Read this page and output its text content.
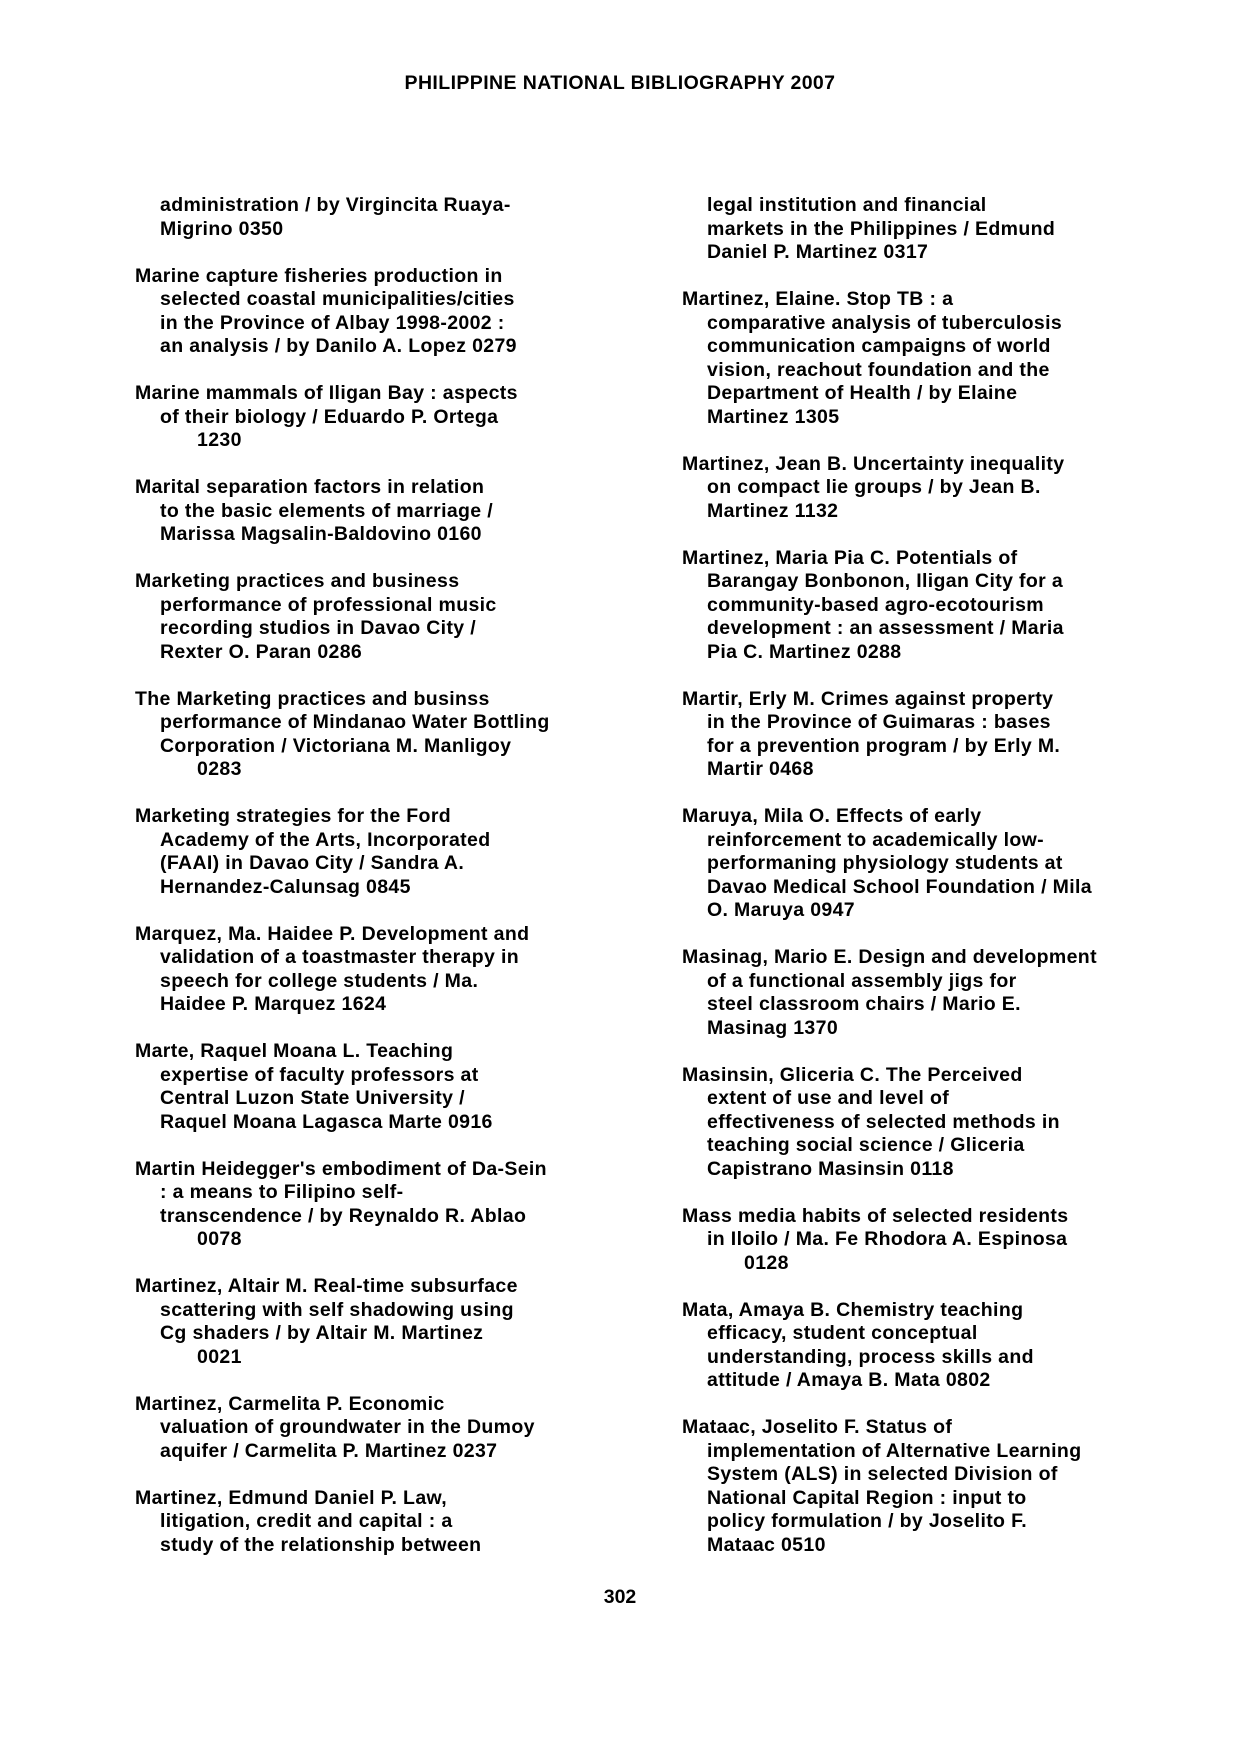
PHILIPPINE NATIONAL BIBLIOGRAPHY 2007
administration / by Virgincita Ruaya-
Migrino 0350
Marine capture fisheries production in
selected coastal municipalities/cities
in the Province of Albay 1998-2002 :
an analysis / by Danilo A. Lopez 0279
Marine mammals of Iligan Bay : aspects
of their biology / Eduardo P. Ortega
1230
Marital separation factors in relation
to the basic elements of marriage /
Marissa Magsalin-Baldovino 0160
Marketing practices and business
performance of professional music
recording studios in Davao City /
Rexter O. Paran 0286
The Marketing practices and businss
performance of Mindanao Water Bottling
Corporation / Victoriana M. Manligoy
0283
Marketing strategies for the Ford
Academy of the Arts, Incorporated
(FAAI) in Davao City / Sandra A.
Hernandez-Calunsag 0845
Marquez, Ma. Haidee P. Development and
validation of a toastmaster therapy in
speech for college students / Ma.
Haidee P. Marquez 1624
Marte, Raquel Moana L. Teaching
expertise of faculty professors at
Central Luzon State University /
Raquel Moana Lagasca Marte 0916
Martin Heidegger's embodiment of Da-Sein
: a means to Filipino self-
transcendence / by Reynaldo R. Ablao
0078
Martinez, Altair M. Real-time subsurface
scattering with self shadowing using
Cg shaders / by Altair M. Martinez
0021
Martinez, Carmelita P. Economic
valuation of groundwater in the Dumoy
aquifer / Carmelita P. Martinez 0237
Martinez, Edmund Daniel P. Law,
litigation, credit and capital : a
study of the relationship between
legal institution and financial
markets in the Philippines / Edmund
Daniel P. Martinez 0317
Martinez, Elaine. Stop TB : a
comparative analysis of tuberculosis
communication campaigns of world
vision, reachout foundation and the
Department of Health / by Elaine
Martinez 1305
Martinez, Jean B. Uncertainty inequality
on compact lie groups / by Jean B.
Martinez 1132
Martinez, Maria Pia C. Potentials of
Barangay Bonbonon, Iligan City for a
community-based agro-ecotourism
development : an assessment / Maria
Pia C. Martinez 0288
Martir, Erly M. Crimes against property
in the Province of Guimaras : bases
for a prevention program / by Erly M.
Martir 0468
Maruya, Mila O. Effects of early
reinforcement to academically low-
performaning physiology students at
Davao Medical School Foundation / Mila
O. Maruya 0947
Masinag, Mario E. Design and development
of a functional assembly jigs for
steel classroom chairs / Mario E.
Masinag 1370
Masinsin, Gliceria C. The Perceived
extent of use and level of
effectiveness of selected methods in
teaching social science / Gliceria
Capistrano Masinsin 0118
Mass media habits of selected residents
in Iloilo / Ma. Fe Rhodora A. Espinosa
0128
Mata, Amaya B. Chemistry teaching
efficacy, student conceptual
understanding, process skills and
attitude / Amaya B. Mata 0802
Mataac, Joselito F. Status of
implementation of Alternative Learning
System (ALS) in selected Division of
National Capital Region : input to
policy formulation / by Joselito F.
Mataac 0510
302
